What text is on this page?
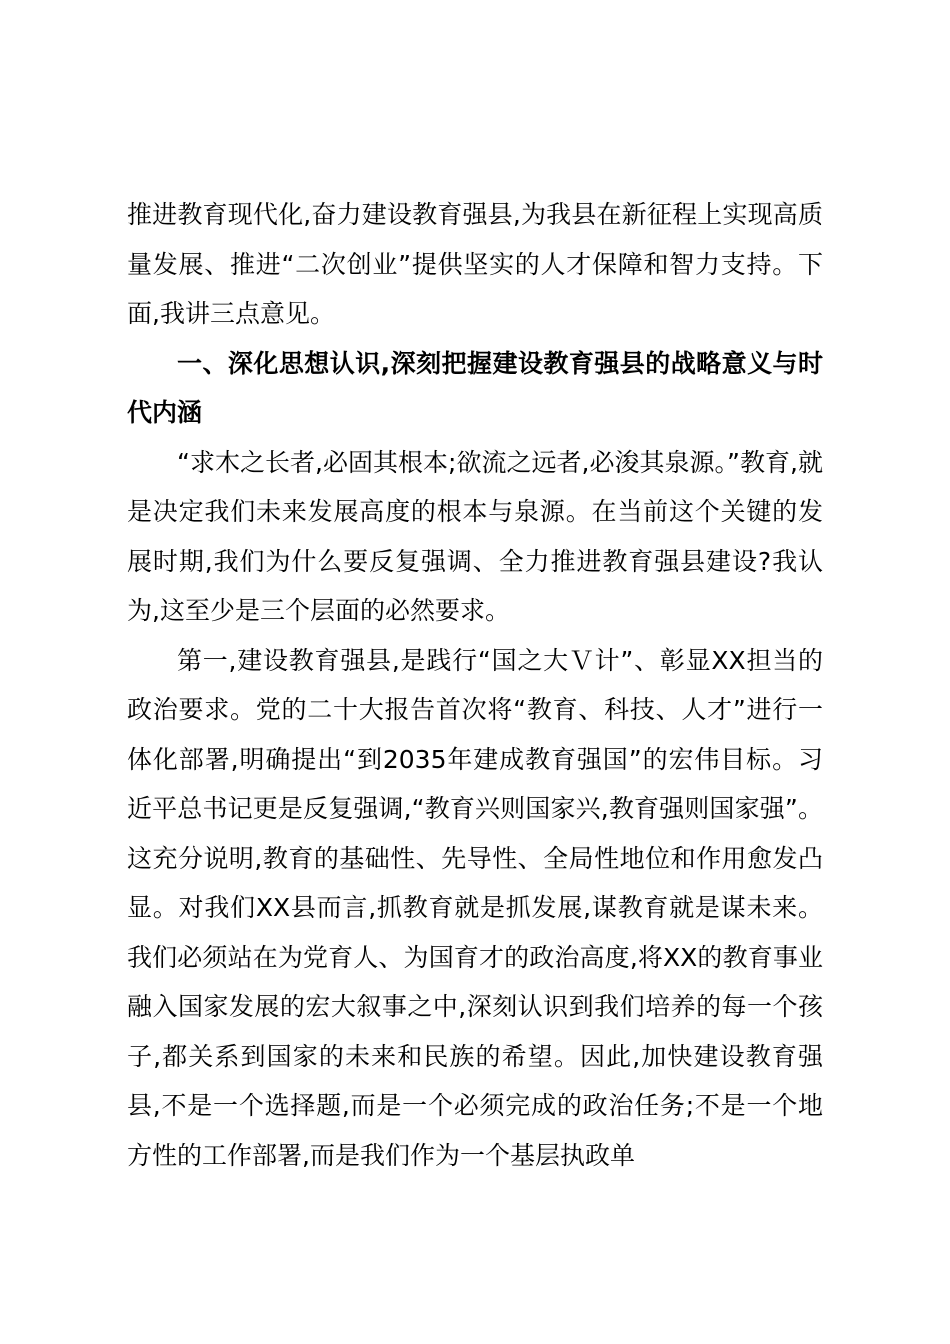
推进教育现代化,奋力建设教育强县,为我县在新征程上实现高质量发展、推进“二次创业”提供坚实的人才保障和智力支持。下面,我讲三点意见。

一、深化思想认识,深刻把握建设教育强县的战略意义与时代内涵

“求木之长者,必固其根本;欲流之远者,必浚其泉源。”教育,就是决定我们未来发展高度的根本与泉源。在当前这个关键的发展时期,我们为什么要反复强调、全力推进教育强县建设?我认为,这至少是三个层面的必然要求。

第一,建设教育强县,是践行“国之大Ｖ计”、彰显XX担当的政治要求。党的二十大报告首次将“教育、科技、人才”进行一体化部署,明确提出“到2035年建成教育强国”的宏伟目标。习近平总书记更是反复强调,“教育兴则国家兴,教育强则国家强”。这充分说明,教育的基础性、先导性、全局性地位和作用愈发凸显。对我们XX县而言,抓教育就是抓发展,谋教育就是谋未来。我们必须站在为党育人、为国育才的政治高度,将XX的教育事业融入国家发展的宏大叙事之中,深刻认识到我们培养的每一个孩子,都关系到国家的未来和民族的希望。因此,加快建设教育强县,不是一个选择题,而是一个必须完成的政治任务;不是一个地方性的工作部署,而是我们作为一个基层执政单
